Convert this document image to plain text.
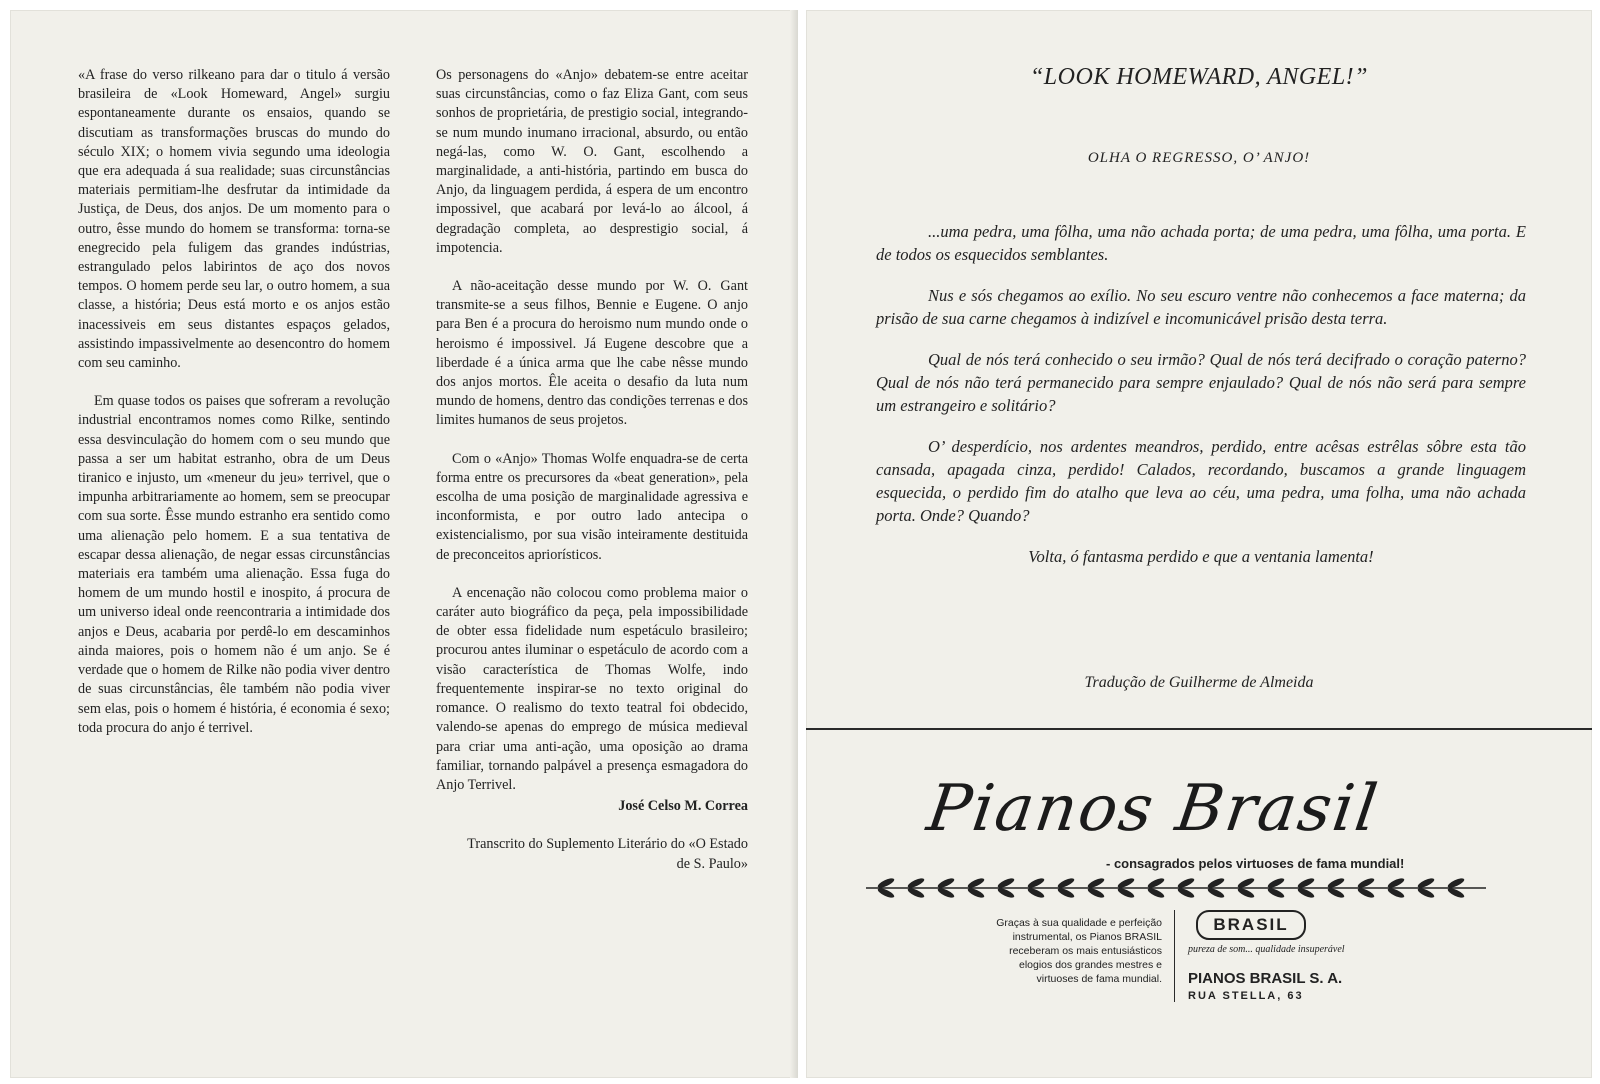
«A frase do verso rilkeano para dar o titulo á versão brasileira de «Look Homeward, Angel» surgiu espontaneamente durante os ensaios, quando se discutiam as transformações bruscas do mundo do século XIX; o homem vivia segundo uma ideologia que era adequada á sua realidade; suas circunstâncias materiais permitiam-lhe desfrutar da intimidade da Justiça, de Deus, dos anjos. De um momento para o outro, êsse mundo do homem se transforma: torna-se enegrecido pela fuligem das grandes indústrias, estrangulado pelos labirintos de aço dos novos tempos. O homem perde seu lar, o outro homem, a sua classe, a história; Deus está morto e os anjos estão inacessiveis em seus distantes espaços gelados, assistindo impassivelmente ao desencontro do homem com seu caminho.

Em quase todos os paises que sofreram a revolução industrial encontramos nomes como Rilke, sentindo essa desvinculação do homem com o seu mundo que passa a ser um habitat estranho, obra de um Deus tiranico e injusto, um «meneur du jeu» terrivel, que o impunha arbitrariamente ao homem, sem se preocupar com sua sorte. Êsse mundo estranho era sentido como uma alienação pelo homem. E a sua tentativa de escapar dessa alienação, de negar essas circunstâncias materiais era também uma alienação. Essa fuga do homem de um mundo hostil e inospito, á procura de um universo ideal onde reencontraria a intimidade dos anjos e Deus, acabaria por perdê-lo em descaminhos ainda maiores, pois o homem não é um anjo. Se é verdade que o homem de Rilke não podia viver dentro de suas circunstâncias, êle também não podia viver sem elas, pois o homem é história, é economia é sexo; toda procura do anjo é terrivel.

Os personagens do «Anjo» debatem-se entre aceitar suas circunstâncias, como o faz Eliza Gant, com seus sonhos de proprietária, de prestigio social, integrando-se num mundo inumano irracional, absurdo, ou então negá-las, como W. O. Gant, escolhendo a marginalidade, a anti-história, partindo em busca do Anjo, da linguagem perdida, á espera de um encontro impossivel, que acabará por levá-lo ao álcool, á degradação completa, ao desprestigio social, á impotencia.

A não-aceitação desse mundo por W. O. Gant transmite-se a seus filhos, Bennie e Eugene. O anjo para Ben é a procura do heroismo num mundo onde o heroismo é impossivel. Já Eugene descobre que a liberdade é a única arma que lhe cabe nêsse mundo dos anjos mortos. Êle aceita o desafio da luta num mundo de homens, dentro das condições terrenas e dos limites humanos de seus projetos.

Com o «Anjo» Thomas Wolfe enquadra-se de certa forma entre os precursores da «beat generation», pela escolha de uma posição de marginalidade agressiva e inconformista, e por outro lado antecipa o existencialismo, por sua visão inteiramente destituida de preconceitos apriorísticos.

A encenação não colocou como problema maior o caráter auto biográfico da peça, pela impossibilidade de obter essa fidelidade num espetáculo brasileiro; procurou antes iluminar o espetáculo de acordo com a visão característica de Thomas Wolfe, indo frequentemente inspirar-se no texto original do romance. O realismo do texto teatral foi obdecido, valendo-se apenas do emprego de música medieval para criar uma anti-ação, uma oposição ao drama familiar, tornando palpável a presença esmagadora do Anjo Terrivel.

José Celso M. Correa

Transcrito do Suplemento Literário do «O Estado de S. Paulo»

“LOOK HOMEWARD, ANGEL!”
OLHA O REGRESSO, O’ ANJO!

...uma pedra, uma fôlha, uma não achada porta; de uma pedra, uma fôlha, uma porta. E de todos os esquecidos semblantes.

Nus e sós chegamos ao exílio. No seu escuro ventre não conhecemos a face materna; da prisão de sua carne chegamos à indizível e incomunicável prisão desta terra.

Qual de nós terá conhecido o seu irmão? Qual de nós terá decifrado o coração paterno? Qual de nós não terá permanecido para sempre enjaulado? Qual de nós não será para sempre um estrangeiro e solitário?

O’ desperdício, nos ardentes meandros, perdido, entre acêsas estrêlas sôbre esta tão cansada, apagada cinza, perdido! Calados, recordando, buscamos a grande linguagem esquecida, o perdido fim do atalho que leva ao céu, uma pedra, uma folha, uma não achada porta. Onde? Quando?

Volta, ó fantasma perdido e que a ventania lamenta!

Tradução de Guilherme de Almeida
Pianos Brasil
- consagrados pelos virtuoses de fama mundial!
Graças à sua qualidade e perfeição instrumental, os Pianos BRASIL receberam os mais entusiásticos elogios dos grandes mestres e virtuoses de fama mundial.
BRASIL
pureza de som... qualidade insuperável
PIANOS BRASIL S. A.
RUA STELLA, 63
